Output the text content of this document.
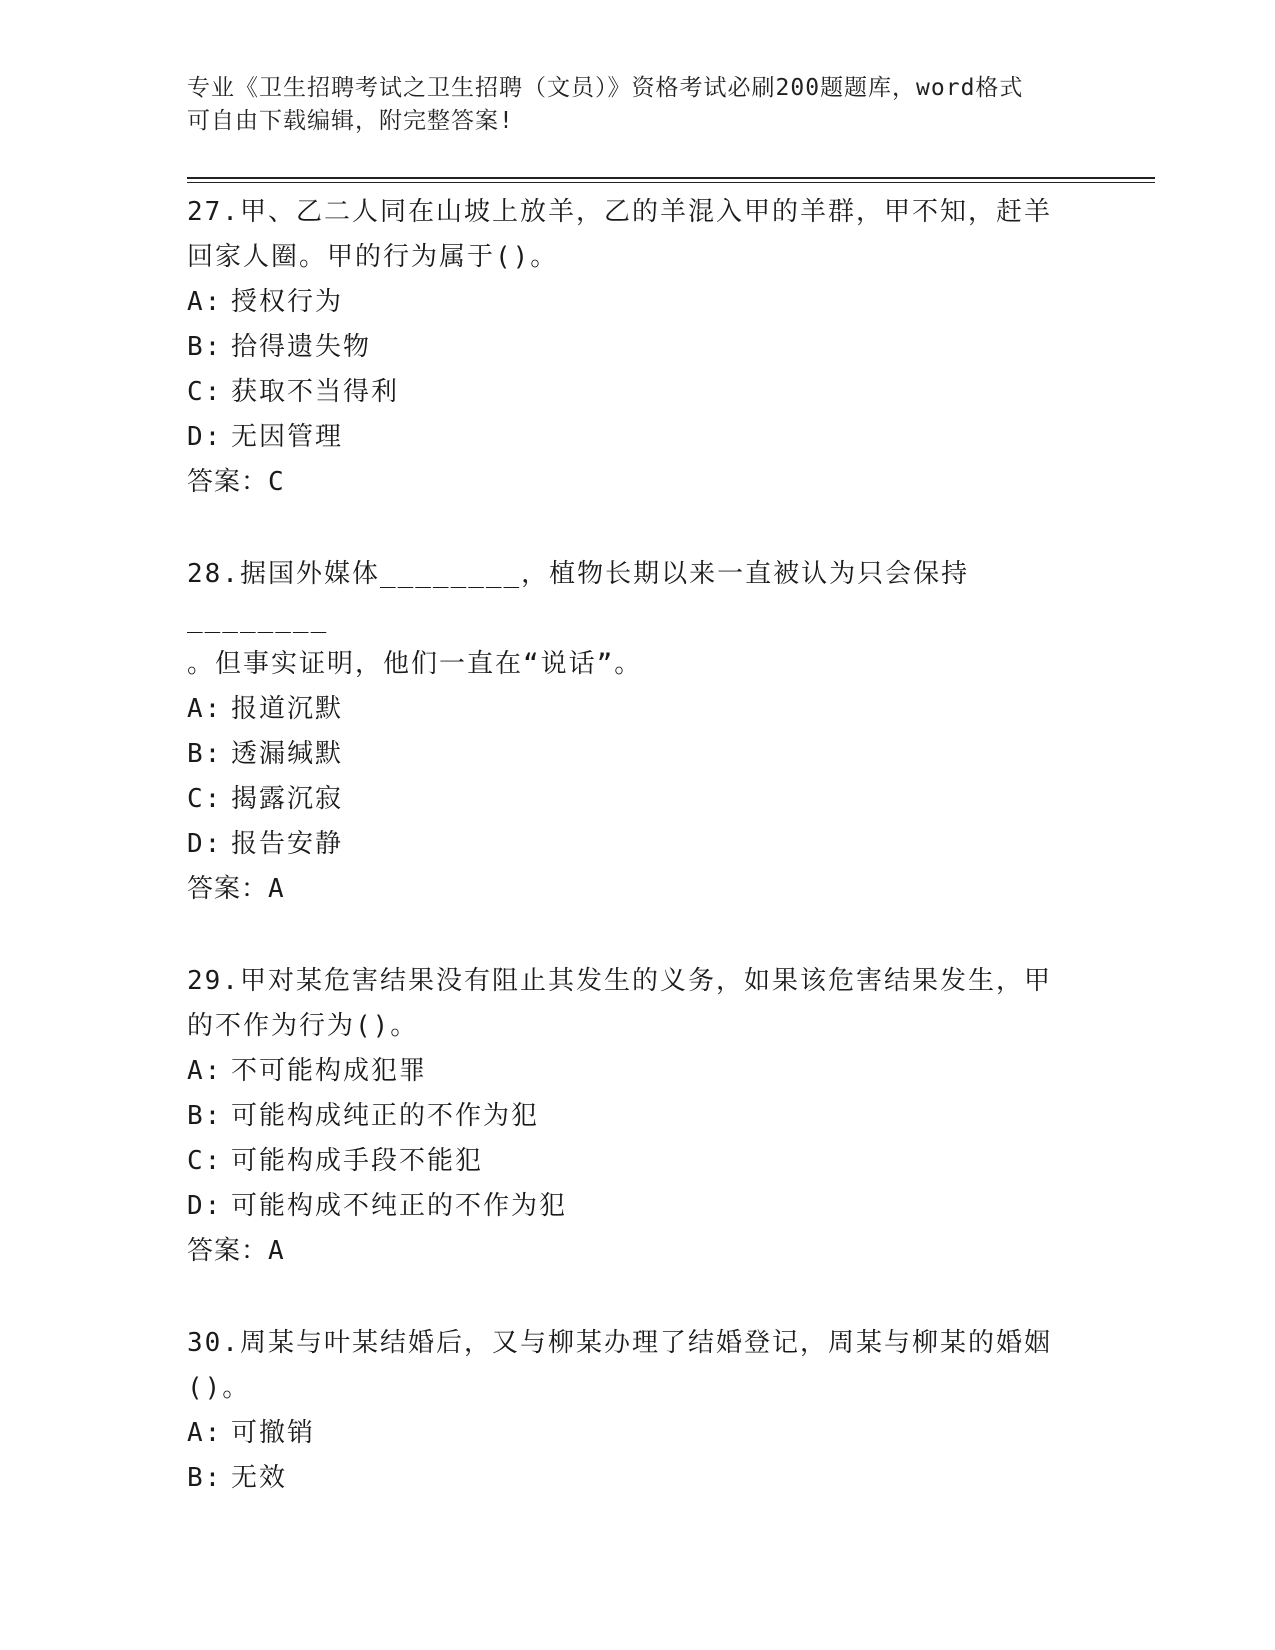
专业《卫生招聘考试之卫生招聘（文员）》资格考试必刷200题题库，word格式
可自由下载编辑，附完整答案!

27.甲、乙二人同在山坡上放羊，乙的羊混入甲的羊群，甲不知，赶羊

回家人圈。甲的行为属于()。

A: 授权行为

B: 拾得遗失物

C: 获取不当得利

D: 无因管理

答案：C

28.据国外媒体________，植物长期以来一直被认为只会保持________

。但事实证明，他们一直在“说话”。

A: 报道沉默

B: 透漏缄默

C: 揭露沉寂

D: 报告安静

答案：A

29.甲对某危害结果没有阻止其发生的义务，如果该危害结果发生，甲

的不作为行为()。

A: 不可能构成犯罪

B: 可能构成纯正的不作为犯

C: 可能构成手段不能犯

D: 可能构成不纯正的不作为犯

答案：A

30.周某与叶某结婚后，又与柳某办理了结婚登记，周某与柳某的婚姻

()。

A: 可撤销

B: 无效
